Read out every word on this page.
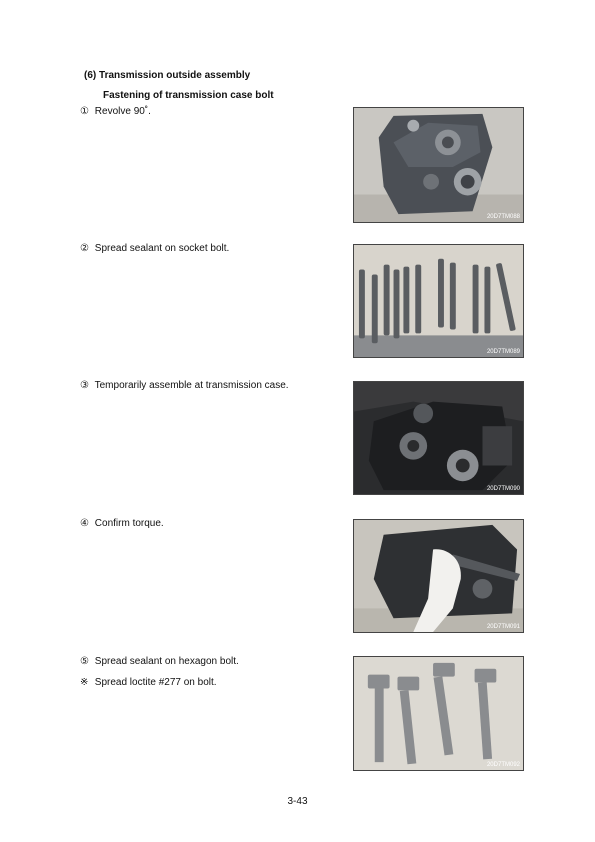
(6) Transmission outside assembly
Fastening of transmission case bolt
① Revolve 90˚.
20D7TM088
② Spread sealant on socket bolt.
20D7TM089
③ Temporarily assemble at transmission case.
20D7TM090
④ Confirm torque.
20D7TM091
⑤ Spread sealant on hexagon bolt.
※ Spread loctite #277 on bolt.
20D7TM092
3-43
